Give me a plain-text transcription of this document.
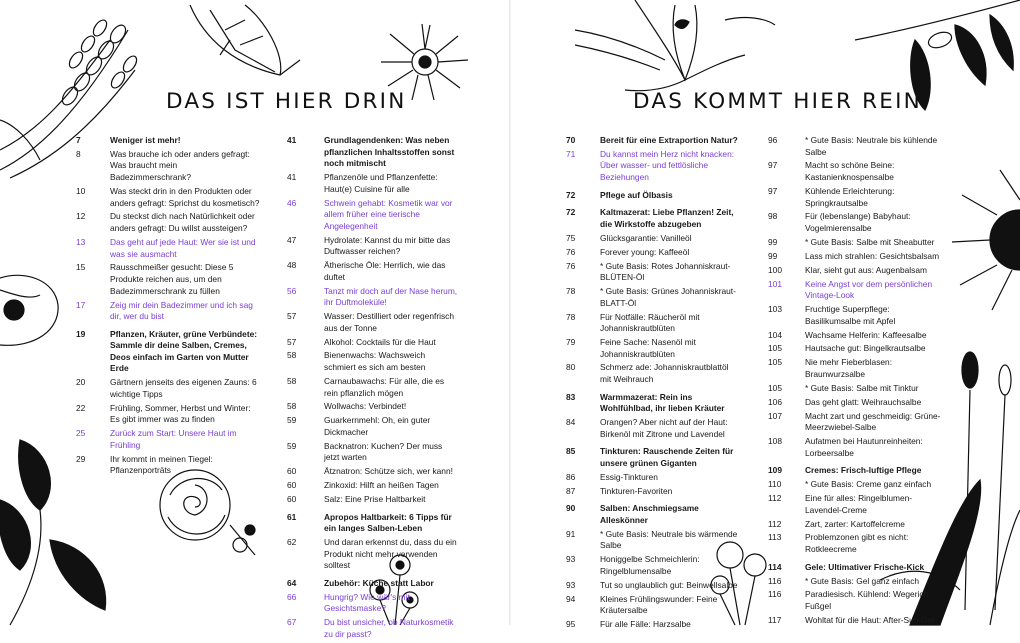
DAS IST HIER DRIN	DAS KOMMT HIER REIN
7	Weniger ist mehr!
8	Was brauche ich oder anders gefragt: Was braucht mein Badezimmerschrank?
10	Was steckt drin in den Produkten oder anders gefragt: Sprichst du kosmetisch?
12	Du steckst dich nach Natürlichkeit oder anders gefragt: Du willst aussteigen?
13	Das geht auf jede Haut: Wer sie ist und was sie ausmacht
15	Rausschmeißer gesucht: Diese 5 Produkte reichen aus, um den Badezimmerschrank zu füllen
17	Zeig mir dein Badezimmer und ich sag dir, wer du bist
19	Pflanzen, Kräuter, grüne Verbündete: Sammle dir deine Salben, Cremes, Deos einfach im Garten von Mutter Erde
20	Gärtnern jenseits des eigenen Zauns: 6 wichtige Tipps
22	Frühling, Sommer, Herbst und Winter: Es gibt immer was zu finden
25	Zurück zum Start: Unsere Haut im Frühling
29	Ihr kommt in meinen Tiegel: Pflanzenporträts
41	Grundlagendenken: Was neben pflanzlichen Inhaltsstoffen sonst noch mitmischt
41	Pflanzenöle und Pflanzenfette: Haut(e) Cuisine für alle
46	Schwein gehabt: Kosmetik war vor allem früher eine tierische Angelegenheit
47	Hydrolate: Kannst du mir bitte das Duftwasser reichen?
48	Ätherische Öle: Herrlich, wie das duftet
56	Tanzt mir doch auf der Nase herum, ihr Duftmoleküle!
57	Wasser: Destilliert oder regenfrisch aus der Tonne
57	Alkohol: Cocktails für die Haut
58	Bienenwachs: Wachsweich schmiert es sich am besten
58	Carnaubawachs: Für alle, die es rein pflanzlich mögen
58	Wollwachs: Verbindet!
59	Guarkernmehl: Oh, ein guter Dickmacher
59	Backnatron: Kuchen? Der muss jetzt warten
60	Ätznatron: Schütze sich, wer kann!
60	Zinkoxid: Hilft an heißen Tagen
60	Salz: Eine Prise Haltbarkeit
61	Apropos Haltbarkeit: 6 Tipps für ein langes Salben-Leben
62	Und daran erkennst du, dass du ein Produkt nicht mehr verwenden solltest
64	Zubehör: Küche statt Labor
66	Hungrig? Wie wär's mit Gesichtsmaske?
67	Du bist unsicher, ob Naturkosmetik zu dir passt?
70	Bereit für eine Extraportion Natur?
71	Du kannst mein Herz nicht knacken: Über wasser- und fettlösliche Beziehungen
72	Pflege auf Ölbasis
72	Kaltmazerat: Liebe Pflanzen! Zeit, die Wirkstoffe abzugeben
75	Glücksgarantie: Vanilleöl
76	Forever young: Kaffeeöl
76	* Gute Basis: Rotes Johanniskraut-BLÜTEN-Öl
78	* Gute Basis: Grünes Johanniskraut-BLATT-Öl
78	Für Notfälle: Räucheröl mit Johanniskrautblüten
79	Feine Sache: Nasenöl mit Johanniskrautblüten
80	Schmerz ade: Johanniskrautblattöl mit Weihrauch
83	Warmmazerat: Rein ins Wohlfühlbad, ihr lieben Kräuter
84	Orangen? Aber nicht auf der Haut: Birkenöl mit Zitrone und Lavendel
85	Tinkturen: Rauschende Zeiten für unsere grünen Giganten
86	Essig-Tinkturen
87	Tinkturen-Favoriten
90	Salben: Anschmiegsame Alleskönner
91	* Gute Basis: Neutrale bis wärmende Salbe
93	Honiggelbe Schmeichlerin: Ringelblumensalbe
93	Tut so unglaublich gut: Beinwellsalbe
94	Kleines Frühlingswunder: Feine Kräutersalbe
95	Für alle Fälle: Harzsalbe
96	* Gute Basis: Neutrale bis kühlende Salbe
97	Macht so schöne Beine: Kastanienknospensalbe
97	Kühlende Erleichterung: Springkrautsalbe
98	Für (lebenslange) Babyhaut: Vogelmierensalbe
99	* Gute Basis: Salbe mit Sheabutter
99	Lass mich strahlen: Gesichtsbalsam
100	Klar, sieht gut aus: Augenbalsam
101	Keine Angst vor dem persönlichen Vintage-Look
103	Fruchtige Superpflege: Basilikumsalbe mit Apfel
104	Wachsame Helferin: Kaffeesalbe
105	Hautsache gut: Bingelkrautsalbe
105	Nie mehr Fieberblasen: Braunwurzsalbe
105	* Gute Basis: Salbe mit Tinktur
106	Das geht glatt: Weihrauchsalbe
107	Macht zart und geschmeidig: Grüne-Meerzwiebel-Salbe
108	Aufatmen bei Hautunreinheiten: Lorbeersalbe
109	Cremes: Frisch-luftige Pflege
110	* Gute Basis: Creme ganz einfach
112	Eine für alles: Ringelblumen-Lavendel-Creme
112	Zart, zarter: Kartoffelcreme
113	Problemzonen gibt es nicht: Rotkleecreme
114	Gele: Ultimativer Frische-Kick
116	* Gute Basis: Gel ganz einfach
116	Paradiesisch. Kühlend: Wegerich-Fußgel
117	Wohltat für die Haut: After-Sun-Gel
